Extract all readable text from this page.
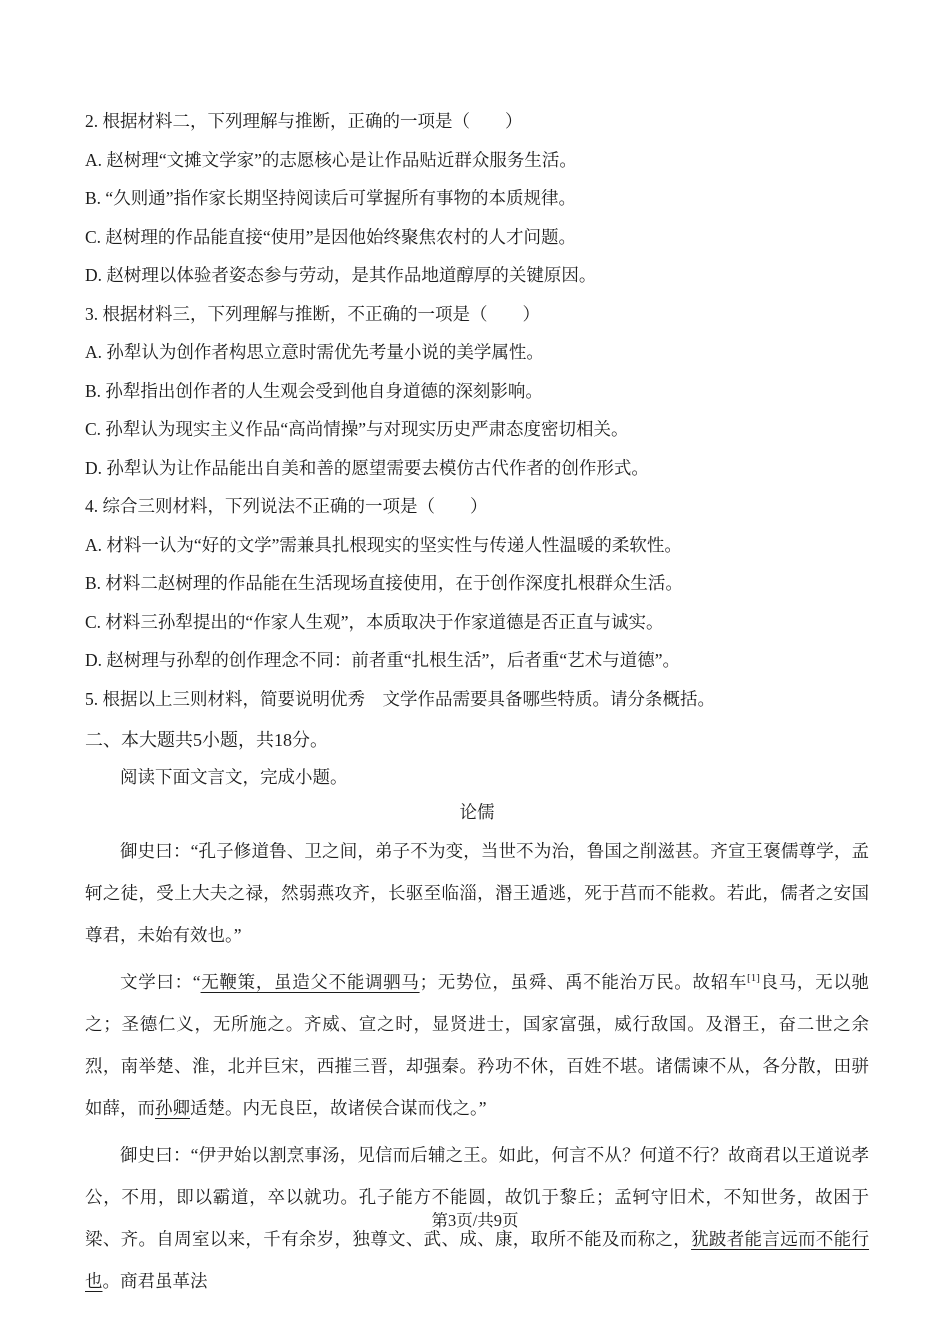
2. 根据材料二，下列理解与推断，正确的一项是（　　）

A. 赵树理“文摊文学家”的志愿核心是让作品贴近群众服务生活。

B. “久则通”指作家长期坚持阅读后可掌握所有事物的本质规律。

C. 赵树理的作品能直接“使用”是因他始终聚焦农村的人才问题。

D. 赵树理以体验者姿态参与劳动，是其作品地道醇厚的关键原因。

3. 根据材料三，下列理解与推断，不正确的一项是（　　）

A. 孙犁认为创作者构思立意时需优先考量小说的美学属性。

B. 孙犁指出创作者的人生观会受到他自身道德的深刻影响。

C. 孙犁认为现实主义作品“高尚情操”与对现实历史严肃态度密切相关。

D. 孙犁认为让作品能出自美和善的愿望需要去模仿古代作者的创作形式。

4. 综合三则材料，下列说法不正确的一项是（　　）

A. 材料一认为“好的文学”需兼具扎根现实的坚实性与传递人性温暖的柔软性。

B. 材料二赵树理的作品能在生活现场直接使用，在于创作深度扎根群众生活。

C. 材料三孙犁提出的“作家人生观”，本质取决于作家道德是否正直与诚实。

D. 赵树理与孙犁的创作理念不同：前者重“扎根生活”，后者重“艺术与道德”。

5. 根据以上三则材料，简要说明优秀　文学作品需要具备哪些特质。请分条概括。

二、本大题共5小题，共18分。

阅读下面文言文，完成小题。

论儒

御史曰：“孔子修道鲁、卫之间，弟子不为变，当世不为治，鲁国之削滋甚。齐宣王褒儒尊学，孟轲之徒，受上大夫之禄，然弱燕攻齐，长驱至临淄，湣王遁逃，死于莒而不能救。若此，儒者之安国尊君，未始有效也。”

文学曰：“无鞭策，虽造父不能调驷马；无势位，虽舜、禹不能治万民。故轺车[1]良马，无以驰之；圣德仁义，无所施之。齐威、宣之时，显贤进士，国家富强，威行敌国。及湣王，奋二世之余烈，南举楚、淮，北并巨宋，西摧三晋，却强秦。矜 ·功不休，百姓不堪。诸儒谏不从，各分散，田骈如薛，而孙卿适楚。内无良臣，故诸侯合谋而伐之。”

御史曰：“伊尹始以割烹事汤，见信而后辅之王。如此，何言不从？何道不行？故商君以王道说孝公，不用，即以霸道，卒以就功。孔子能方不能圆，故饥于黎丘；孟轲守旧术，不知世务，故困于梁、齐。自周室以来，千有余岁，独尊文、武、成、康，取所不能及而称之，犹跛者能言远而不能行也。商君虽革法

第3页/共9页
